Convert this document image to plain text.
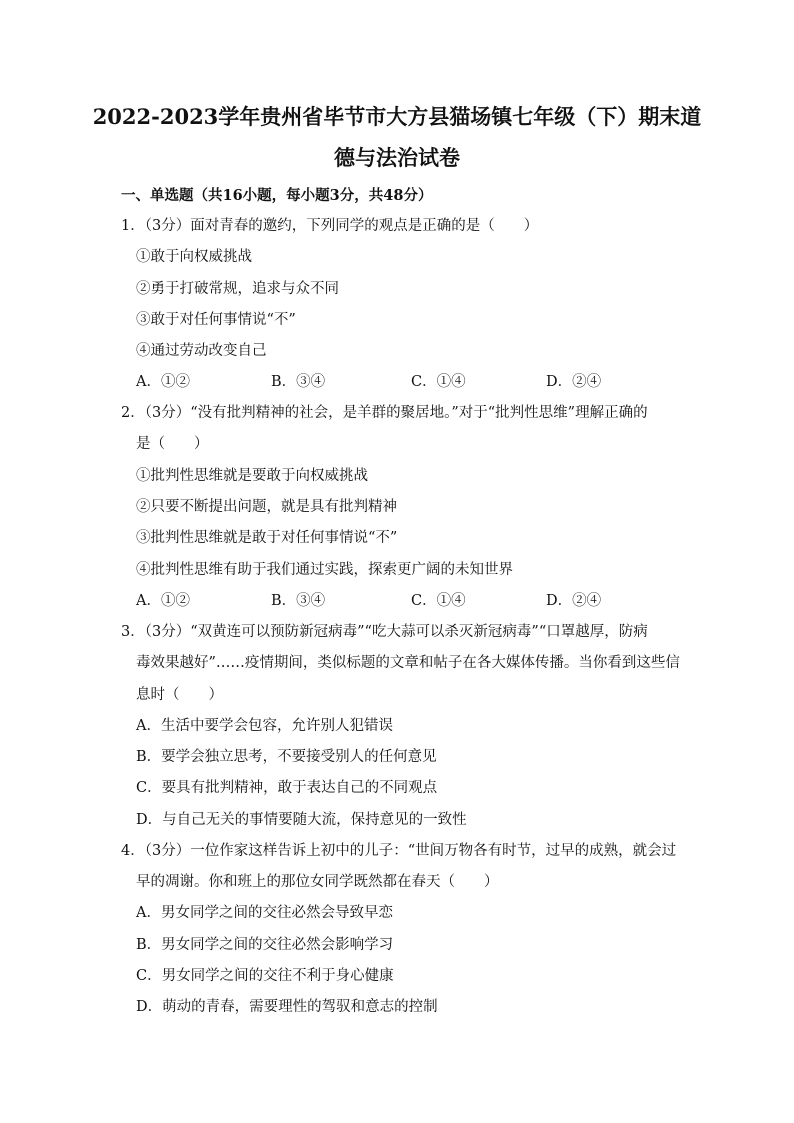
2022-2023学年贵州省毕节市大方县猫场镇七年级（下）期末道
德与法治试卷
一、单选题（共16小题，每小题3分，共48分）
1．（3分）面对青春的邀约，下列同学的观点是正确的是（　　）
①敢于向权威挑战
②勇于打破常规，追求与众不同
③敢于对任何事情说“不”
④通过劳动改变自己
A．①②	B．③④	C．①④	D．②④
2．（3分）“没有批判精神的社会，是羊群的聚居地。”对于“批判性思维”理解正确的
是（　　）
①批判性思维就是要敢于向权威挑战
②只要不断提出问题，就是具有批判精神
③批判性思维就是敢于对任何事情说“不”
④批判性思维有助于我们通过实践，探索更广阔的未知世界
A．①②	B．③④	C．①④	D．②④
3．（3分）“双黄连可以预防新冠病毒”“吃大蒜可以杀灭新冠病毒”“口罩越厚，防病
毒效果越好”……疫情期间，类似标题的文章和帖子在各大媒体传播。当你看到这些信
息时（　　）
A．生活中要学会包容，允许别人犯错误
B．要学会独立思考，不要接受别人的任何意见
C．要具有批判精神，敢于表达自己的不同观点
D．与自己无关的事情要随大流，保持意见的一致性
4．（3分）一位作家这样告诉上初中的儿子：“世间万物各有时节，过早的成熟，就会过
早的凋谢。你和班上的那位女同学既然都在春天（　　）
A．男女同学之间的交往必然会导致早恋
B．男女同学之间的交往必然会影响学习
C．男女同学之间的交往不利于身心健康
D．萌动的青春，需要理性的驾驭和意志的控制
